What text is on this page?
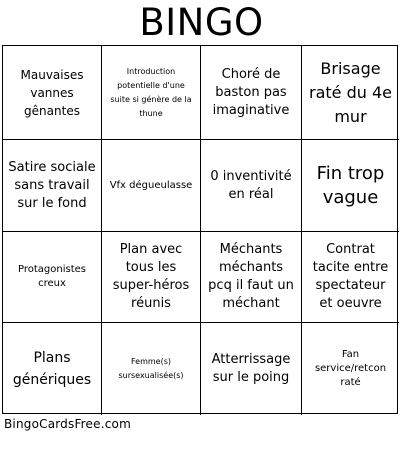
BINGO
Mauvaises vannes gênantes
Introduction potentielle d'une suite si génère de la thune
Choré de baston pas imaginative
Brisage raté du 4e mur
Satire sociale sans travail sur le fond
Vfx dégueulasse
0 inventivité en réal
Fin trop vague
Protagonistes creux
Plan avec tous les super-héros réunis
Méchants méchants pcq il faut un méchant
Contrat tacite entre spectateur et oeuvre
Plans génériques
Femme(s) sursexualisée(s)
Atterrissage sur le poing
Fan service/retcon raté
BingoCardsFree.com
